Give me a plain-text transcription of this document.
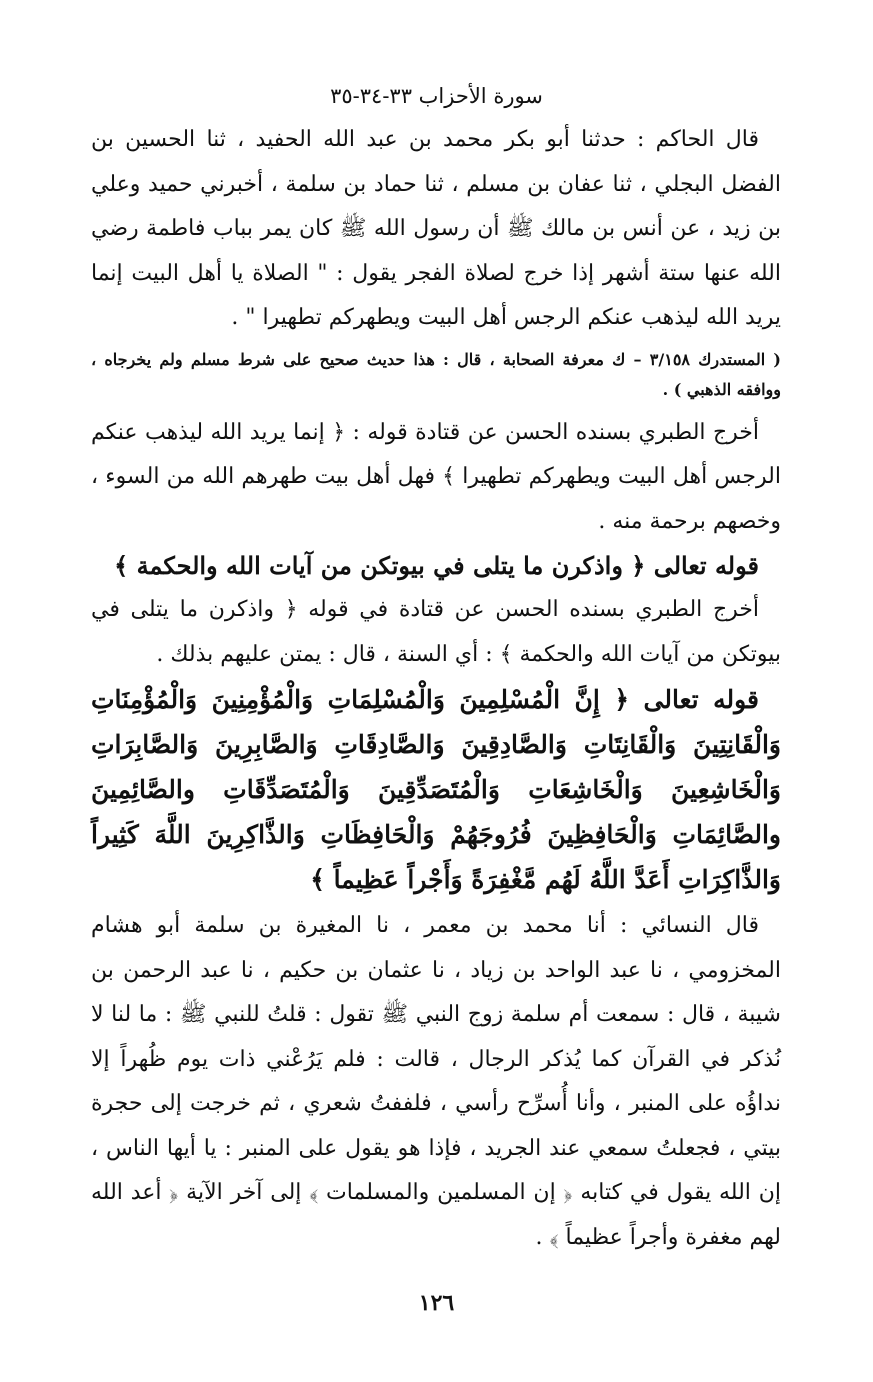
سورة الأحزاب ٣٣-٣٤-٣٥

قال الحاكم : حدثنا أبو بكر محمد بن عبد الله الحفيد ، ثنا الحسين بن الفضل البجلي ، ثنا عفان بن مسلم ، ثنا حماد بن سلمة ، أخبرني حميد وعلي بن زيد ، عن أنس بن مالك ﷺ أن رسول الله ﷺ كان يمر بباب فاطمة رضي الله عنها ستة أشهر إذا خرج لصلاة الفجر يقول : " الصلاة يا أهل البيت إنما يريد الله ليذهب عنكم الرجس أهل البيت ويطهركم تطهيرا " .

( المستدرك ٣/١٥٨ – ك معرفة الصحابة ، قال : هذا حديث صحيح على شرط مسلم ولم يخرجاه ، ووافقه الذهبي ) .

أخرج الطبري بسنده الحسن عن قتادة قوله : ﴿ إنما يريد الله ليذهب عنكم الرجس أهل البيت ويطهركم تطهيرا ﴾ فهل أهل بيت طهرهم الله من السوء ، وخصهم برحمة منه .

قوله تعالى ﴿ واذكرن ما يتلى في بيوتكن من آيات الله والحكمة ﴾

أخرج الطبري بسنده الحسن عن قتادة في قوله ﴿ واذكرن ما يتلى في بيوتكن من آيات الله والحكمة ﴾ : أي السنة ، قال : يمتن عليهم بذلك .

قوله تعالى ﴿ إِنَّ الْمُسْلِمِينَ وَالْمُسْلِمَاتِ وَالْمُؤْمِنِينَ وَالْمُؤْمِنَاتِ وَالْقَانِتِينَ وَالْقَانِتَاتِ وَالصَّادِقِينَ وَالصَّادِقَاتِ وَالصَّابِرِينَ وَالصَّابِرَاتِ وَالْخَاشِعِينَ وَالْخَاشِعَاتِ وَالْمُتَصَدِّقِينَ وَالْمُتَصَدِّقَاتِ والصَّائِمِينَ والصَّائِمَاتِ وَالْحَافِظِينَ فُرُوجَهُمْ وَالْحَافِظَاتِ وَالذَّاكِرِينَ اللَّهَ كَثِيراً وَالذَّاكِرَاتِ أَعَدَّ اللَّهُ لَهُم مَّغْفِرَةً وَأَجْراً عَظِيماً ﴾

قال النسائي : أنا محمد بن معمر ، نا المغيرة بن سلمة أبو هشام المخزومي ، نا عبد الواحد بن زياد ، نا عثمان بن حكيم ، نا عبد الرحمن بن شيبة ، قال : سمعت أم سلمة زوج النبي ﷺ تقول : قلتُ للنبي ﷺ : ما لنا لا نُذكر في القرآن كما يُذكر الرجال ، قالت : فلم يَرُعْني ذات يوم ظُهراً إلا نداؤُه على المنبر ، وأنا أُسرِّح رأسي ، فلففتُ شعري ، ثم خرجت إلى حجرة بيتي ، فجعلتُ سمعي عند الجريد ، فإذا هو يقول على المنبر : يا أيها الناس ، إن الله يقول في كتابه ﴿ إن المسلمين والمسلمات ﴾ إلى آخر الآية ﴿ أعد الله لهم مغفرة وأجراً عظيماً ﴾ .

١٢٦
